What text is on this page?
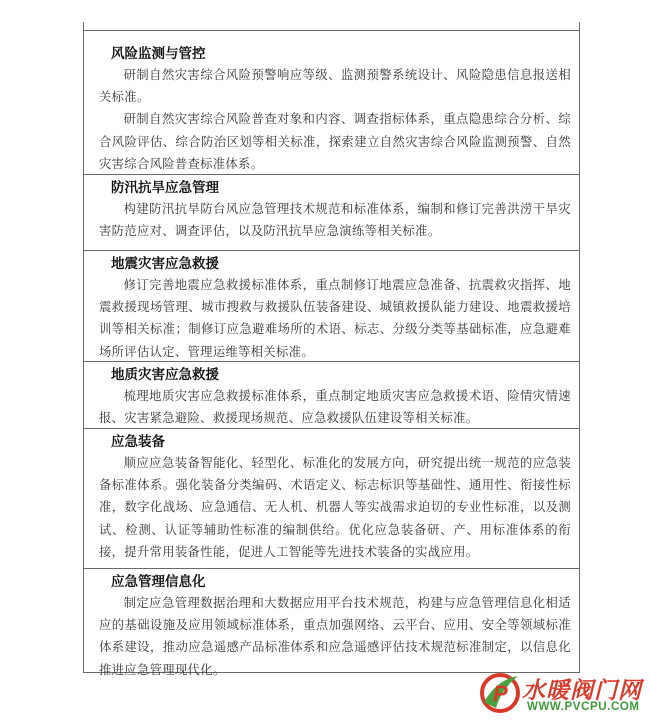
风险监测与管控

研制自然灾害综合风险预警响应等级、监测预警系统设计、风险隐患信息报送相关标准。

研制自然灾害综合风险普查对象和内容、调查指标体系，重点隐患综合分析、综合风险评估、综合防治区划等相关标准，探索建立自然灾害综合风险监测预警、自然灾害综合风险普查标准体系。

防汛抗旱应急管理

构建防汛抗旱防台风应急管理技术规范和标准体系，编制和修订完善洪涝干旱灾害防范应对、调查评估，以及防汛抗旱应急演练等相关标准。

地震灾害应急救援

修订完善地震应急救援标准体系，重点制修订地震应急准备、抗震救灾指挥、地震救援现场管理、城市搜救与救援队伍装备建设、城镇救援队能力建设、地震救援培训等相关标准；制修订应急避难场所的术语、标志、分级分类等基础标准，应急避难场所评估认定、管理运维等相关标准。

地质灾害应急救援

梳理地质灾害应急救援标准体系，重点制定地质灾害应急救援术语、险情灾情速报、灾害紧急避险、救援现场规范、应急救援队伍建设等相关标准。

应急装备

顺应应急装备智能化、轻型化、标准化的发展方向，研究提出统一规范的应急装备标准体系。强化装备分类编码、术语定义、标志标识等基础性、通用性、衔接性标准，数字化战场、应急通信、无人机、机器人等实战需求迫切的专业性标准，以及测试、检测、认证等辅助性标准的编制供给。优化应急装备研、产、用标准体系的衔接，提升常用装备性能，促进人工智能等先进技术装备的实战应用。

应急管理信息化

制定应急管理数据治理和大数据应用平台技术规范，构建与应急管理信息化相适应的基础设施及应用领域标准体系，重点加强网络、云平台、应用、安全等领域标准体系建设，推动应急遥感产品标准体系和应急遥感评估技术规范标准制定，以信息化推进应急管理现代化。

P 水暖阀门网
WWW.PVCPU.COM
